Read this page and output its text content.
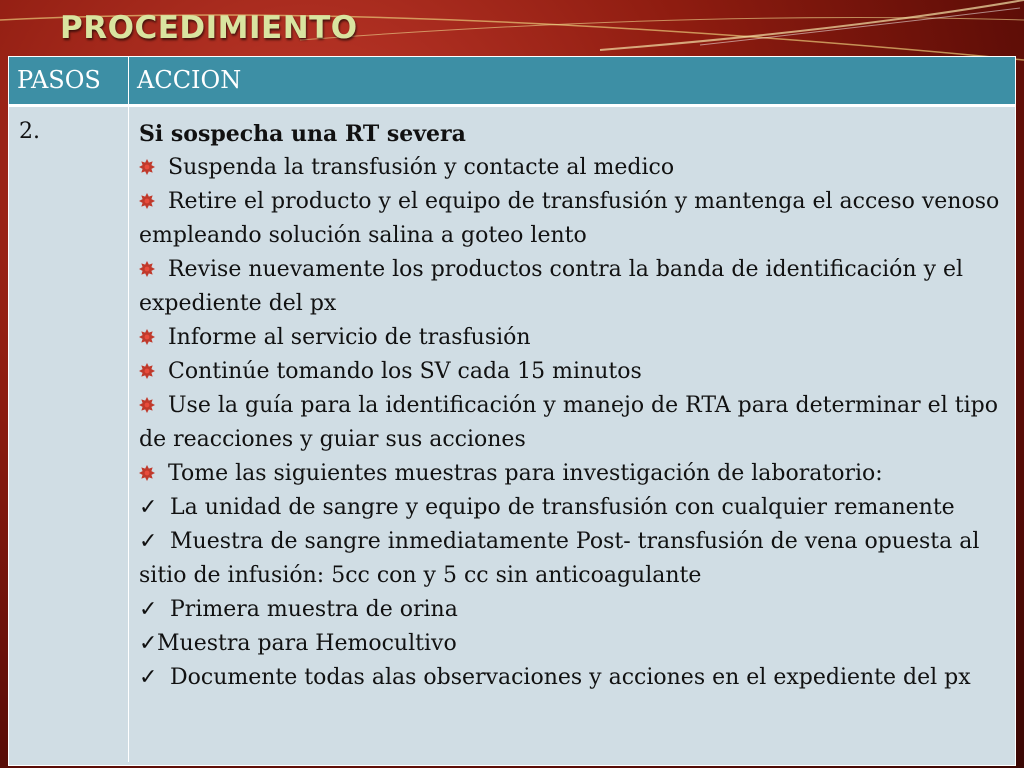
PROCEDIMIENTO
PASOS	ACCION
2.	Si sospecha una RT severa

Suspenda la transfusión y contacte al medico

Retire el producto y el equipo de transfusión y mantenga el acceso venoso empleando solución salina a goteo lento

Revise nuevamente los productos contra la banda de identificación y el expediente del px

Informe al servicio de trasfusión

Continúe tomando los SV cada 15 minutos

Use la guía para la identificación y manejo de RTA para determinar el tipo de reacciones y guiar sus acciones

Tome las siguientes muestras para investigación de laboratorio:

✓ La unidad de sangre y equipo de transfusión con cualquier remanente

✓ Muestra de sangre inmediatamente Post- transfusión de vena opuesta al sitio de infusión: 5cc con y 5 cc sin anticoagulante

✓ Primera muestra de orina

✓Muestra para Hemocultivo

✓ Documente todas alas observaciones y acciones en el expediente del px
